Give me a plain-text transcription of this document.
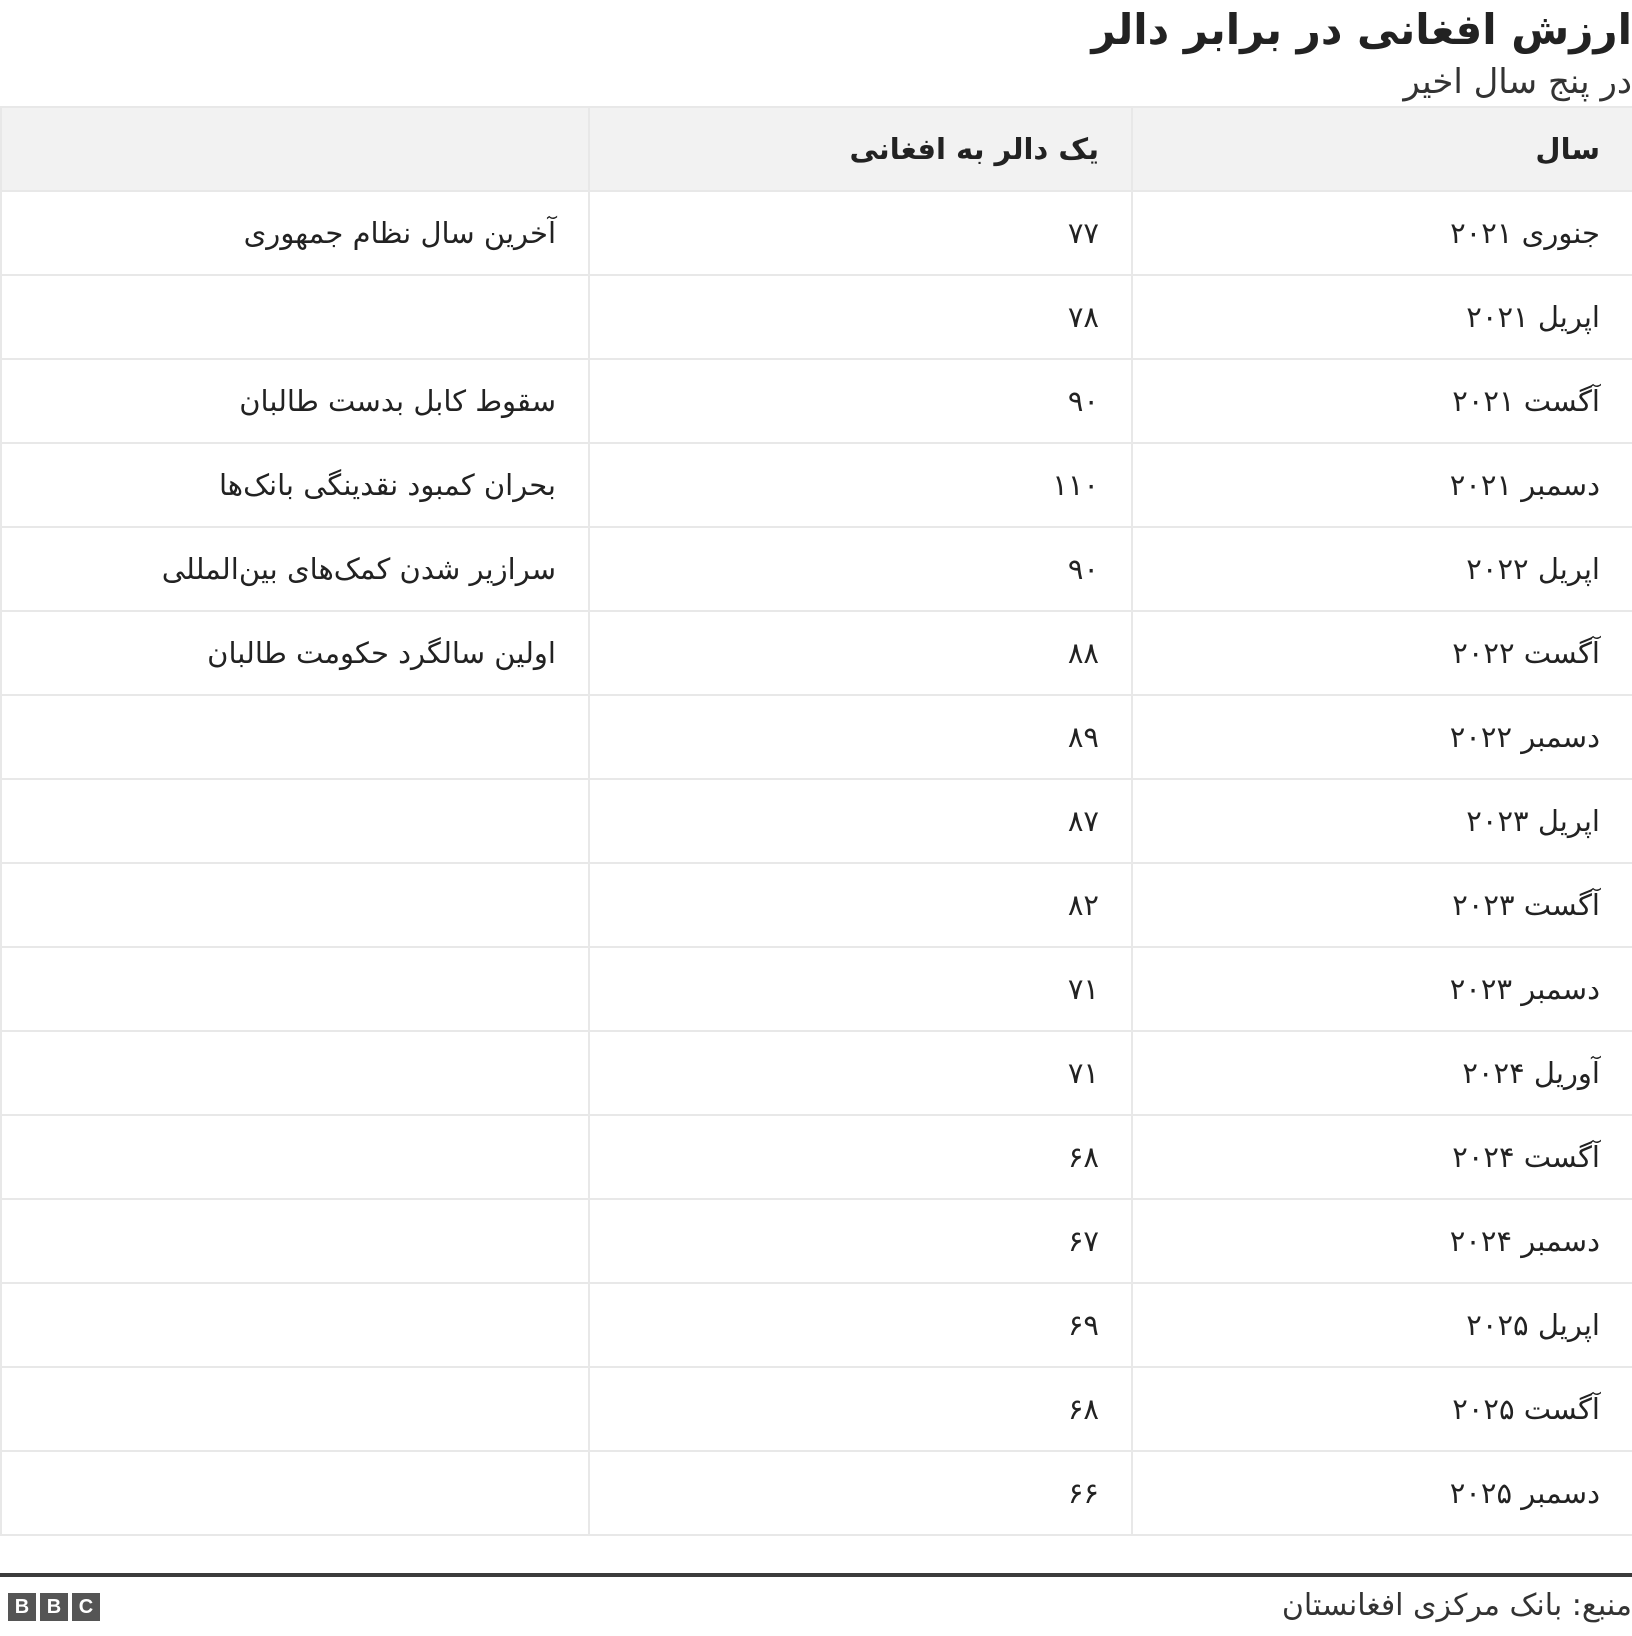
ارزش افغانی در برابر دالر
در پنج سال اخیر
سال	یک دالر به افغانی	
جنوری ۲۰۲۱	۷۷	آخرین سال نظام جمهوری
اپریل ۲۰۲۱	۷۸	
آگست ۲۰۲۱	۹۰	سقوط کابل بدست طالبان
دسمبر ۲۰۲۱	۱۱۰	بحران کمبود نقدینگی بانک‌ها
اپریل ۲۰۲۲	۹۰	سرازیر شدن کمک‌های بین‌المللی
آگست ۲۰۲۲	۸۸	اولین سالگرد حکومت طالبان
دسمبر ۲۰۲۲	۸۹	
اپریل ۲۰۲۳	۸۷	
آگست ۲۰۲۳	۸۲	
دسمبر ۲۰۲۳	۷۱	
آوریل ۲۰۲۴	۷۱	
آگست ۲۰۲۴	۶۸	
دسمبر ۲۰۲۴	۶۷	
اپریل ۲۰۲۵	۶۹	
آگست ۲۰۲۵	۶۸	
دسمبر ۲۰۲۵	۶۶	
منبع: بانک مرکزی افغانستان
B B C
